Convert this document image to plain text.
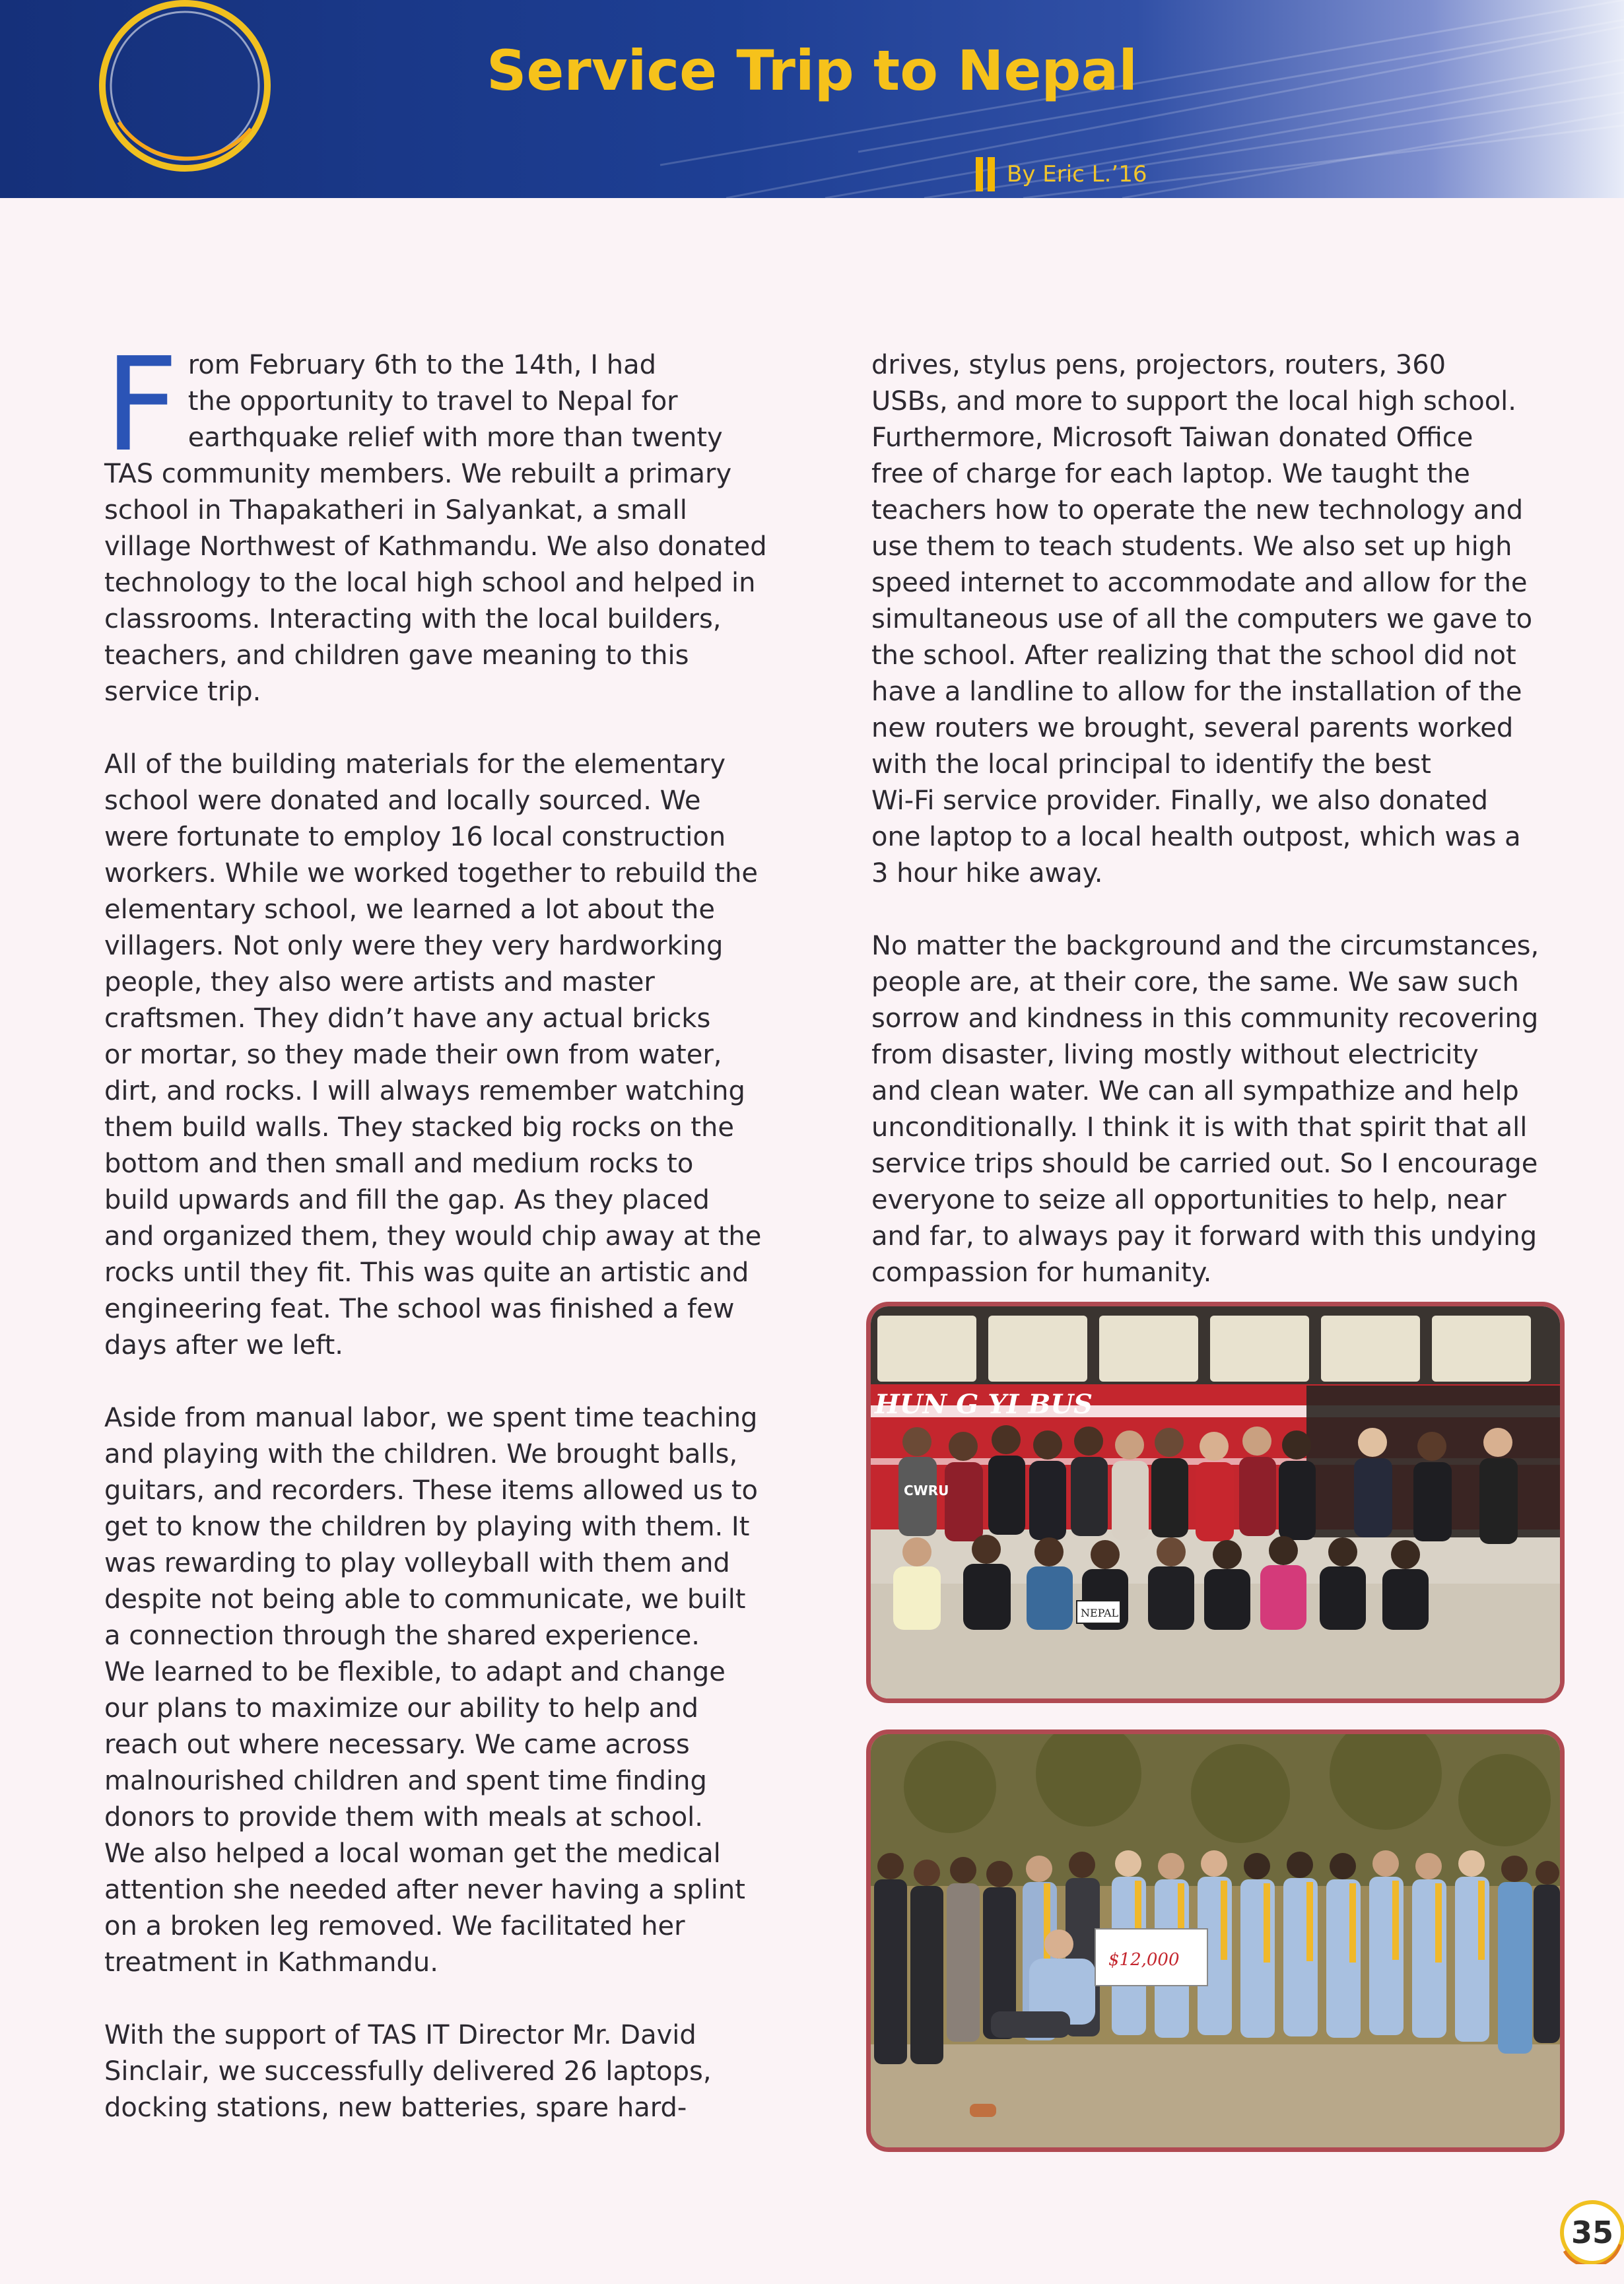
Service Trip to Nepal
By Eric L.’16
From February 6th to the 14th, I had
the opportunity to travel to Nepal for
earthquake relief with more than twenty
TAS community members. We rebuilt a primary
school in Thapakatheri in Salyankat, a small
village Northwest of Kathmandu. We also donated
technology to the local high school and helped in
classrooms. Interacting with the local builders,
teachers, and children gave meaning to this
service trip.
All of the building materials for the elementary
school were donated and locally sourced. We
were fortunate to employ 16 local construction
workers. While we worked together to rebuild the
elementary school, we learned a lot about the
villagers. Not only were they very hardworking
people, they also were artists and master
craftsmen. They didn’t have any actual bricks
or mortar, so they made their own from water,
dirt, and rocks. I will always remember watching
them build walls. They stacked big rocks on the
bottom and then small and medium rocks to
build upwards and fill the gap. As they placed
and organized them, they would chip away at the
rocks until they fit. This was quite an artistic and
engineering feat. The school was finished a few
days after we left.
Aside from manual labor, we spent time teaching
and playing with the children. We brought balls,
guitars, and recorders. These items allowed us to
get to know the children by playing with them. It
was rewarding to play volleyball with them and
despite not being able to communicate, we built
a connection through the shared experience.
We learned to be flexible, to adapt and change
our plans to maximize our ability to help and
reach out where necessary. We came across
malnourished children and spent time finding
donors to provide them with meals at school.
We also helped a local woman get the medical
attention she needed after never having a splint
on a broken leg removed. We facilitated her
treatment in Kathmandu.
With the support of TAS IT Director Mr. David
Sinclair, we successfully delivered 26 laptops,
docking stations, new batteries, spare hard-
drives, stylus pens, projectors, routers, 360
USBs, and more to support the local high school.
Furthermore, Microsoft Taiwan donated Office
free of charge for each laptop. We taught the
teachers how to operate the new technology and
use them to teach students. We also set up high
speed internet to accommodate and allow for the
simultaneous use of all the computers we gave to
the school. After realizing that the school did not
have a landline to allow for the installation of the
new routers we brought, several parents worked
with the local principal to identify the best
Wi-Fi service provider. Finally, we also donated
one laptop to a local health outpost, which was a
3 hour hike away.
No matter the background and the circumstances,
people are, at their core, the same. We saw such
sorrow and kindness in this community recovering
from disaster, living mostly without electricity
and clean water. We can all sympathize and help
unconditionally. I think it is with that spirit that all
service trips should be carried out. So I encourage
everyone to seize all opportunities to help, near
and far, to always pay it forward with this undying
compassion for humanity.
HUN G YI BUS
CWRU
NEPAL
$12,000
35
